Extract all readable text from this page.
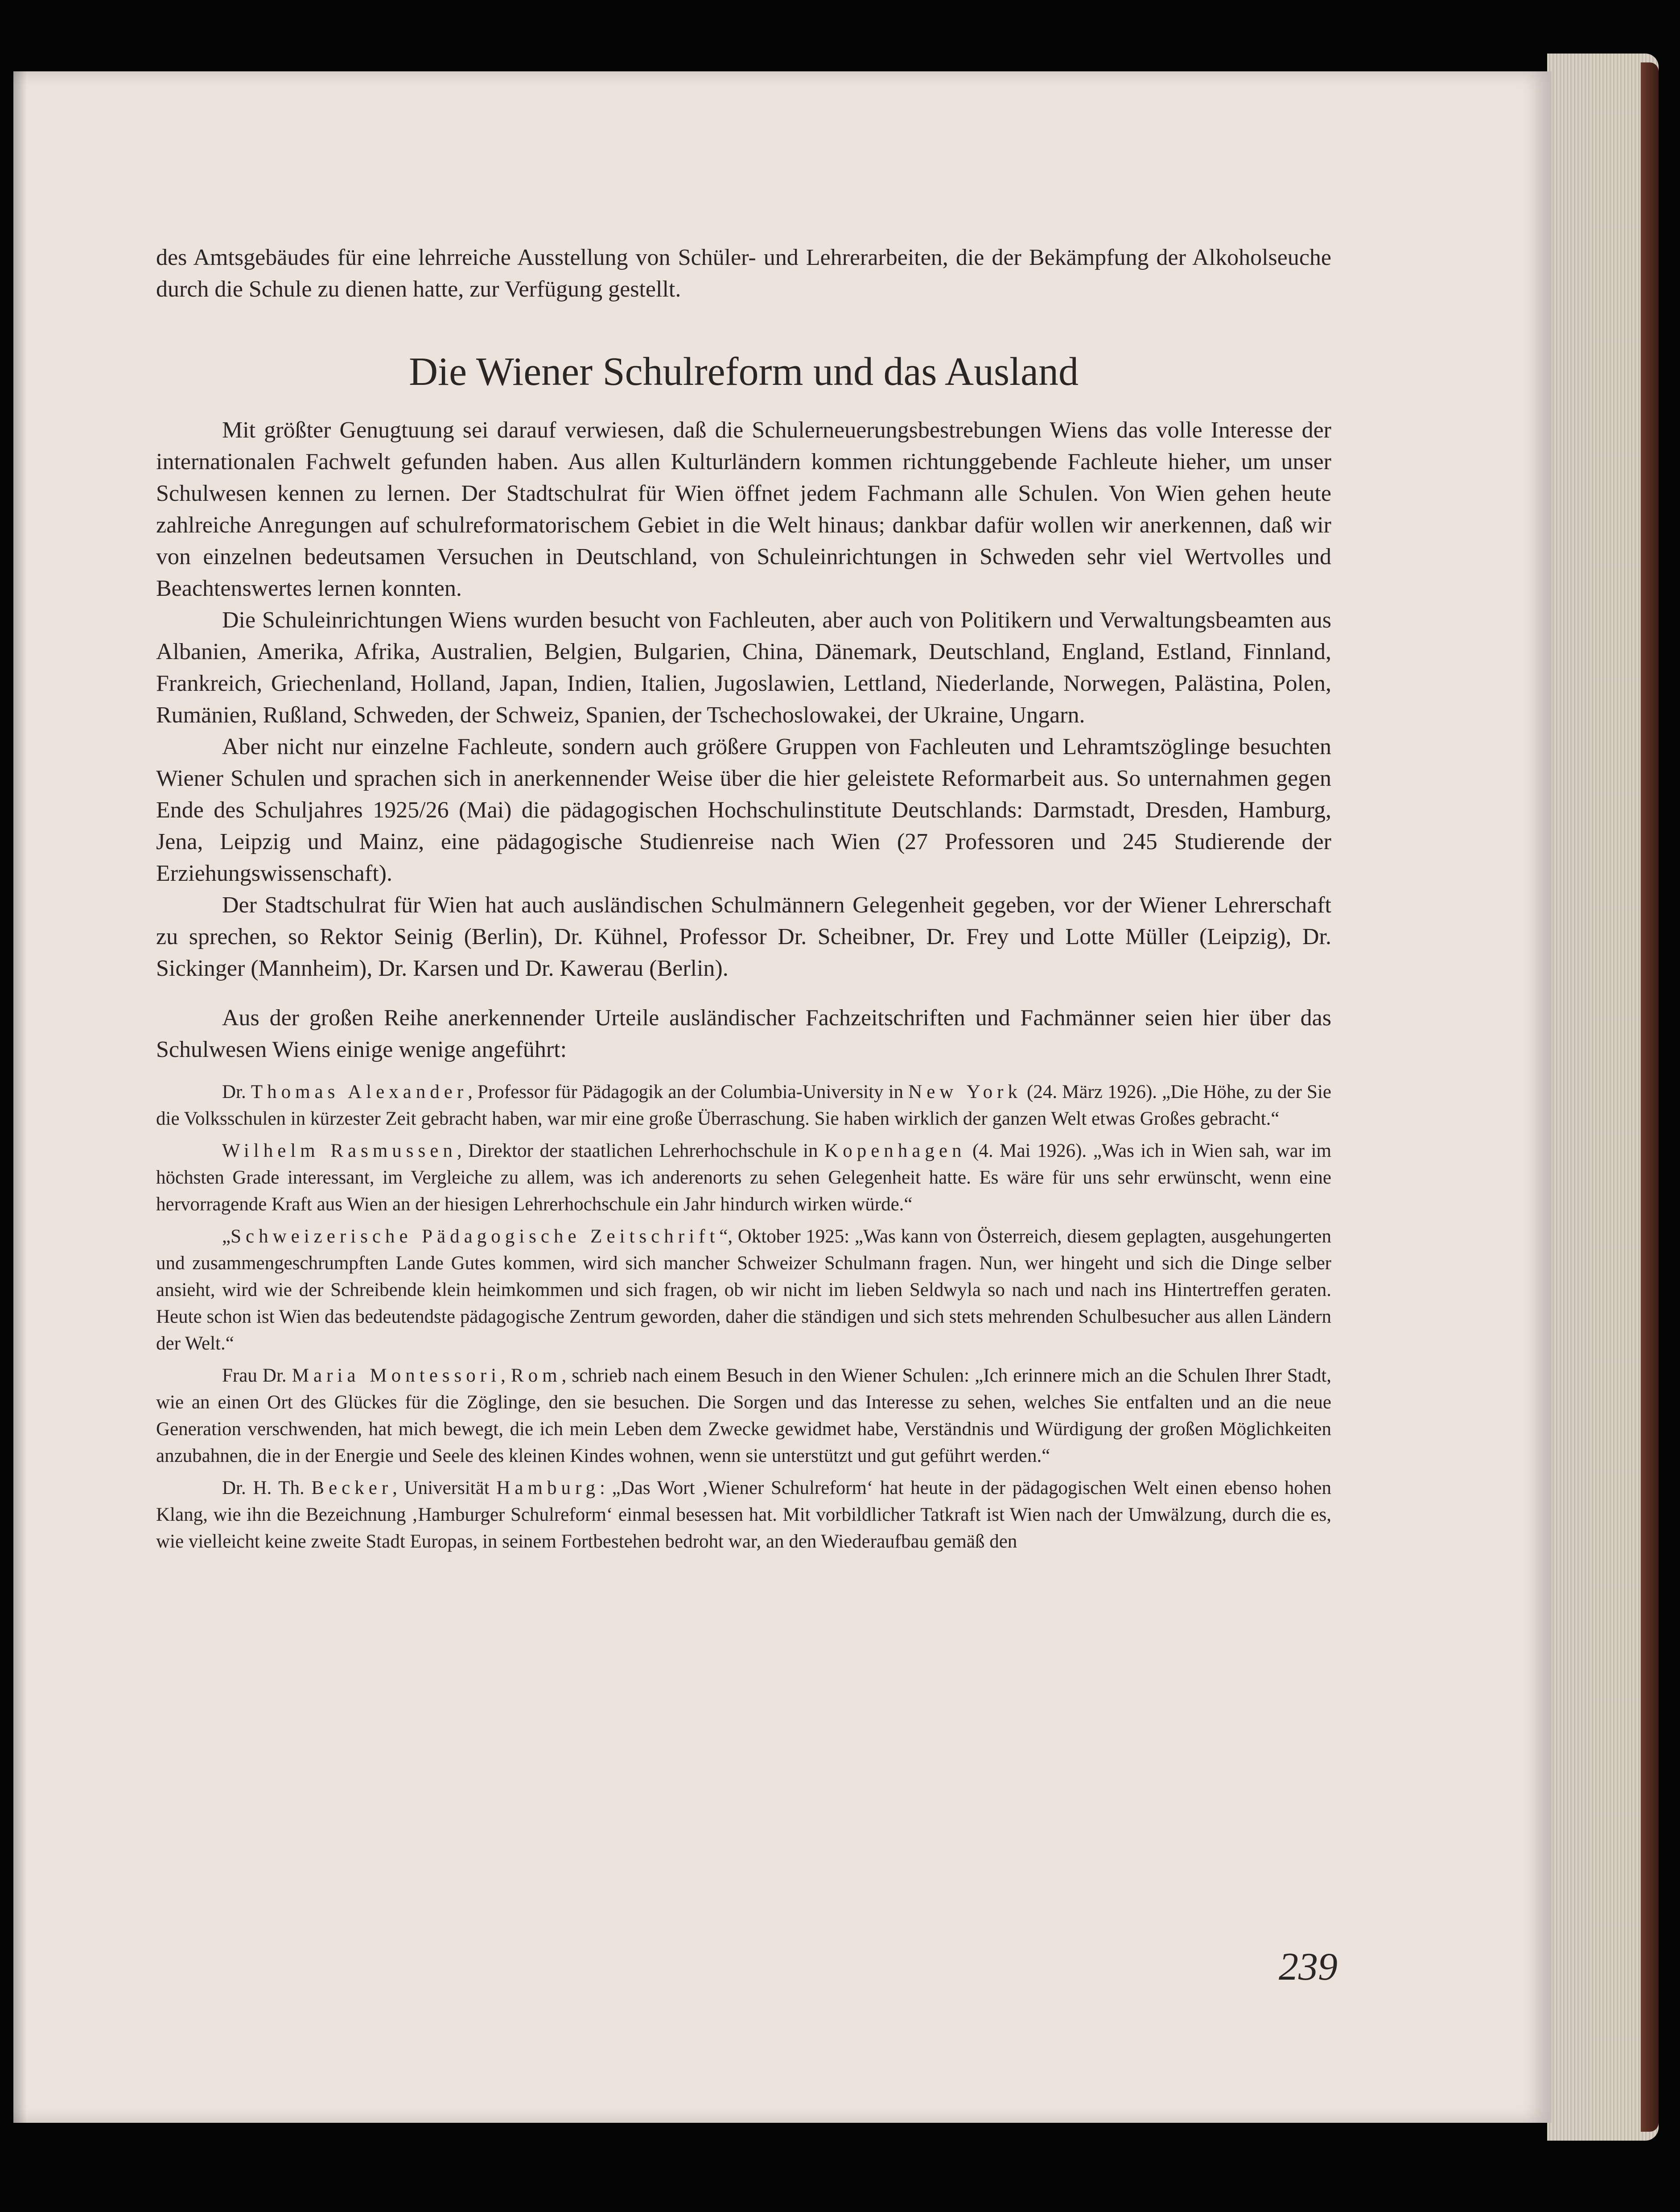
des Amtsgebäudes für eine lehrreiche Ausstellung von Schüler- und Lehrerarbeiten, die der Bekämpfung der Alkoholseuche durch die Schule zu dienen hatte, zur Verfügung gestellt.

Die Wiener Schulreform und das Ausland

Mit größter Genugtuung sei darauf verwiesen, daß die Schulerneuerungsbestrebungen Wiens das volle Interesse der internationalen Fachwelt gefunden haben. Aus allen Kulturländern kommen richtunggebende Fachleute hieher, um unser Schulwesen kennen zu lernen. Der Stadtschulrat für Wien öffnet jedem Fachmann alle Schulen. Von Wien gehen heute zahlreiche Anregungen auf schulreformatorischem Gebiet in die Welt hinaus; dankbar dafür wollen wir anerkennen, daß wir von einzelnen bedeutsamen Versuchen in Deutschland, von Schuleinrichtungen in Schweden sehr viel Wertvolles und Beachtenswertes lernen konnten.

Die Schuleinrichtungen Wiens wurden besucht von Fachleuten, aber auch von Politikern und Verwaltungsbeamten aus Albanien, Amerika, Afrika, Australien, Belgien, Bulgarien, China, Dänemark, Deutschland, England, Estland, Finnland, Frankreich, Griechenland, Holland, Japan, Indien, Italien, Jugoslawien, Lettland, Niederlande, Norwegen, Palästina, Polen, Rumänien, Rußland, Schweden, der Schweiz, Spanien, der Tschechoslowakei, der Ukraine, Ungarn.

Aber nicht nur einzelne Fachleute, sondern auch größere Gruppen von Fachleuten und Lehramtszöglinge besuchten Wiener Schulen und sprachen sich in anerkennender Weise über die hier geleistete Reformarbeit aus. So unternahmen gegen Ende des Schuljahres 1925/26 (Mai) die pädagogischen Hochschulinstitute Deutschlands: Darmstadt, Dresden, Hamburg, Jena, Leipzig und Mainz, eine pädagogische Studienreise nach Wien (27 Professoren und 245 Studierende der Erziehungswissenschaft).

Der Stadtschulrat für Wien hat auch ausländischen Schulmännern Gelegenheit gegeben, vor der Wiener Lehrerschaft zu sprechen, so Rektor Seinig (Berlin), Dr. Kühnel, Professor Dr. Scheibner, Dr. Frey und Lotte Müller (Leipzig), Dr. Sickinger (Mannheim), Dr. Karsen und Dr. Kawerau (Berlin).

Aus der großen Reihe anerkennender Urteile ausländischer Fachzeitschriften und Fachmänner seien hier über das Schulwesen Wiens einige wenige angeführt:

Dr. Thomas Alexander, Professor für Pädagogik an der Columbia-University in New York (24. März 1926). „Die Höhe, zu der Sie die Volksschulen in kürzester Zeit gebracht haben, war mir eine große Überraschung. Sie haben wirklich der ganzen Welt etwas Großes gebracht.“

Wilhelm Rasmussen, Direktor der staatlichen Lehrerhochschule in Kopenhagen (4. Mai 1926). „Was ich in Wien sah, war im höchsten Grade interessant, im Vergleiche zu allem, was ich anderenorts zu sehen Gelegenheit hatte. Es wäre für uns sehr erwünscht, wenn eine hervorragende Kraft aus Wien an der hiesigen Lehrerhochschule ein Jahr hindurch wirken würde.“

„Schweizerische Pädagogische Zeitschrift“, Oktober 1925: „Was kann von Österreich, diesem geplagten, ausgehungerten und zusammengeschrumpften Lande Gutes kommen, wird sich mancher Schweizer Schulmann fragen. Nun, wer hingeht und sich die Dinge selber ansieht, wird wie der Schreibende klein heimkommen und sich fragen, ob wir nicht im lieben Seldwyla so nach und nach ins Hintertreffen geraten. Heute schon ist Wien das bedeutendste pädagogische Zentrum geworden, daher die ständigen und sich stets mehrenden Schulbesucher aus allen Ländern der Welt.“

Frau Dr. Maria Montessori, Rom, schrieb nach einem Besuch in den Wiener Schulen: „Ich erinnere mich an die Schulen Ihrer Stadt, wie an einen Ort des Glückes für die Zöglinge, den sie besuchen. Die Sorgen und das Interesse zu sehen, welches Sie entfalten und an die neue Generation verschwenden, hat mich bewegt, die ich mein Leben dem Zwecke gewidmet habe, Verständnis und Würdigung der großen Möglichkeiten anzubahnen, die in der Energie und Seele des kleinen Kindes wohnen, wenn sie unterstützt und gut geführt werden.“

Dr. H. Th. Becker, Universität Hamburg: „Das Wort ‚Wiener Schulreform‘ hat heute in der pädagogischen Welt einen ebenso hohen Klang, wie ihn die Bezeichnung ‚Hamburger Schulreform‘ einmal besessen hat. Mit vorbildlicher Tatkraft ist Wien nach der Umwälzung, durch die es, wie vielleicht keine zweite Stadt Europas, in seinem Fortbestehen bedroht war, an den Wiederaufbau gemäß den

239
